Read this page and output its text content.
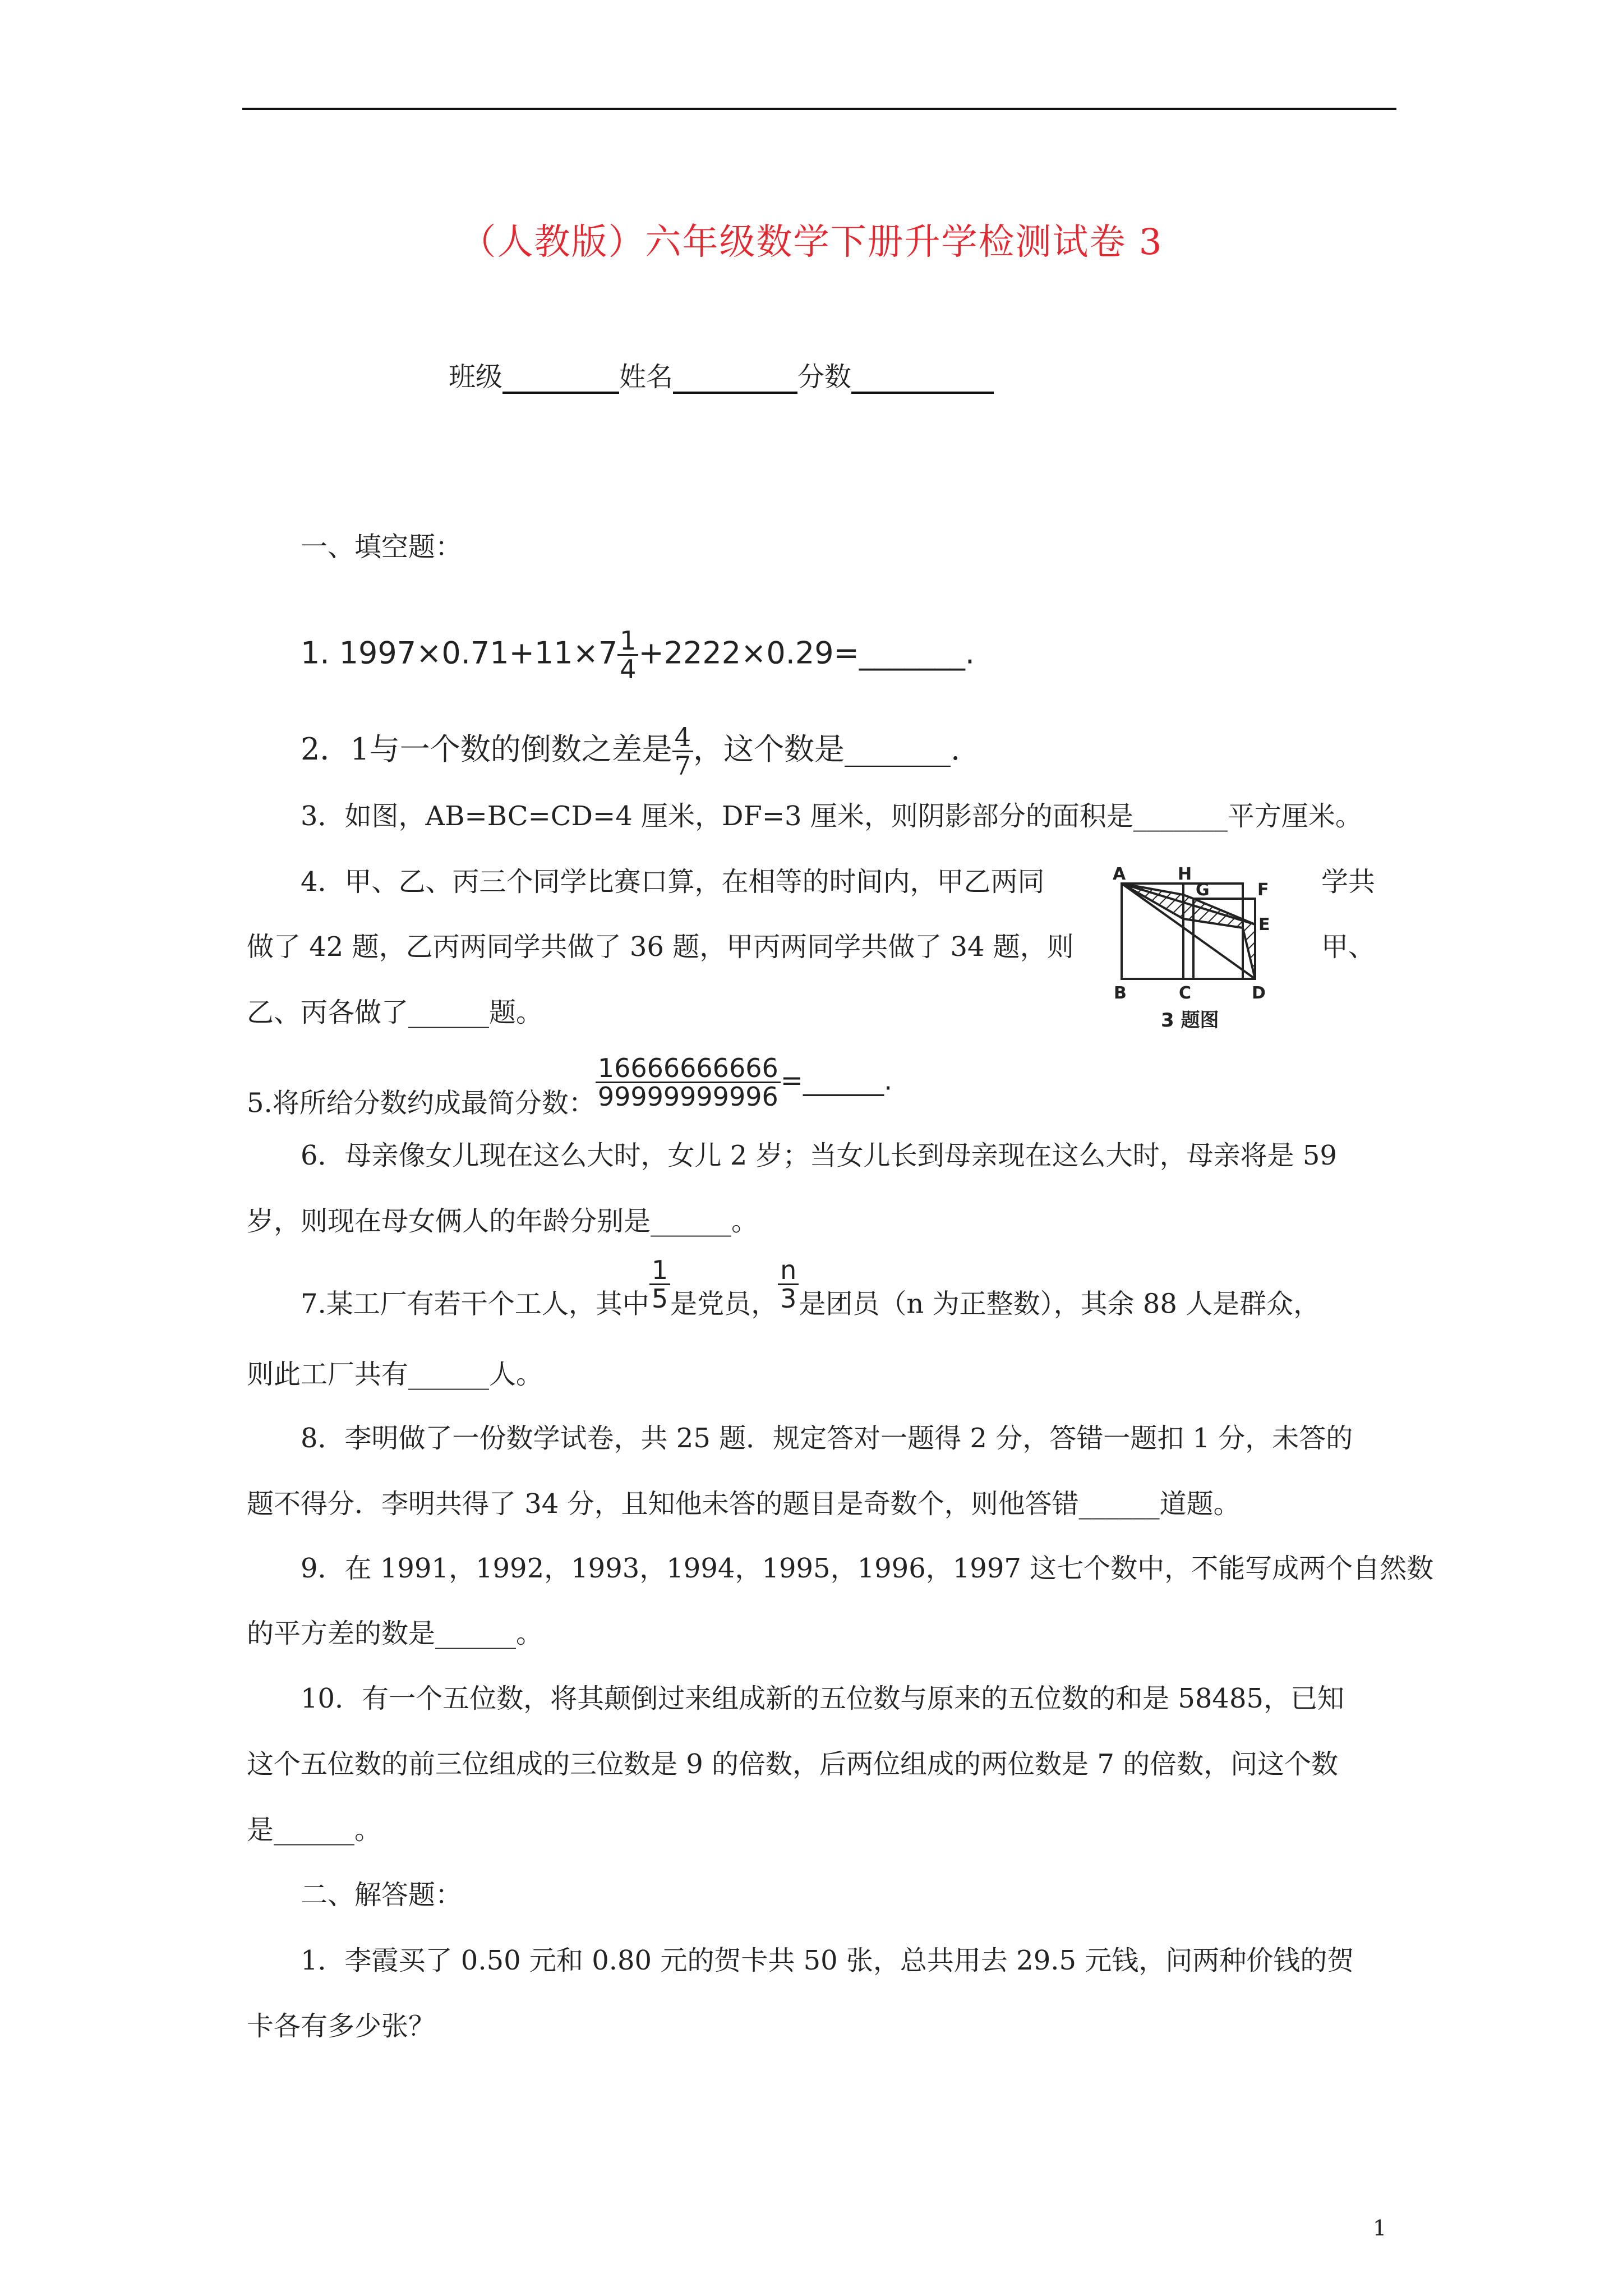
（人教版）六年级数学下册升学检测试卷 3
班级	姓名	分数
一、填空题：
1. $1997\times 0.71+11\times 7 \frac{1}{4}$ +2222×0.29=_______.
2．1与一个数的倒数之差是 $\frac{4}{7}$ ，这个数是_______.
3．如图，AB=BC=CD=4 厘米，DF=3 厘米，则阴影部分的面积是_______平方厘米。
4．甲、乙、丙三个同学比赛口算，在相等的时间内，甲乙两同	学共
做了 42 题，乙丙两同学共做了 36 题，甲丙两同学共做了 34 题，则	甲、
乙、丙各做了______题。
A	H
G	F
E
B	C	D
3 题图
5.将所给分数约成最简分数： $\frac{16666666666}{99999999996}$ =______.
6．母亲像女儿现在这么大时，女儿 2 岁；当女儿长到母亲现在这么大时，母亲将是 59
岁，则现在母女俩人的年龄分别是______。
7.某工厂有若干个工人，其中 $\frac{1}{5}$ 是党员， $\frac{n}{3}$ 是团员（n 为正整数），其余 88 人是群众，
则此工厂共有______人。
8．李明做了一份数学试卷，共 25 题．规定答对一题得 2 分，答错一题扣 1 分，未答的
题不得分．李明共得了 34 分，且知他未答的题目是奇数个，则他答错______道题。
9．在 1991，1992，1993，1994，1995，1996，1997 这七个数中，不能写成两个自然数
的平方差的数是______。
10．有一个五位数，将其颠倒过来组成新的五位数与原来的五位数的和是 58485，已知
这个五位数的前三位组成的三位数是 9 的倍数，后两位组成的两位数是 7 的倍数，问这个数
是______。
二、解答题：
1．李霞买了 0.50 元和 0.80 元的贺卡共 50 张，总共用去 29.5 元钱，问两种价钱的贺
卡各有多少张？
1
